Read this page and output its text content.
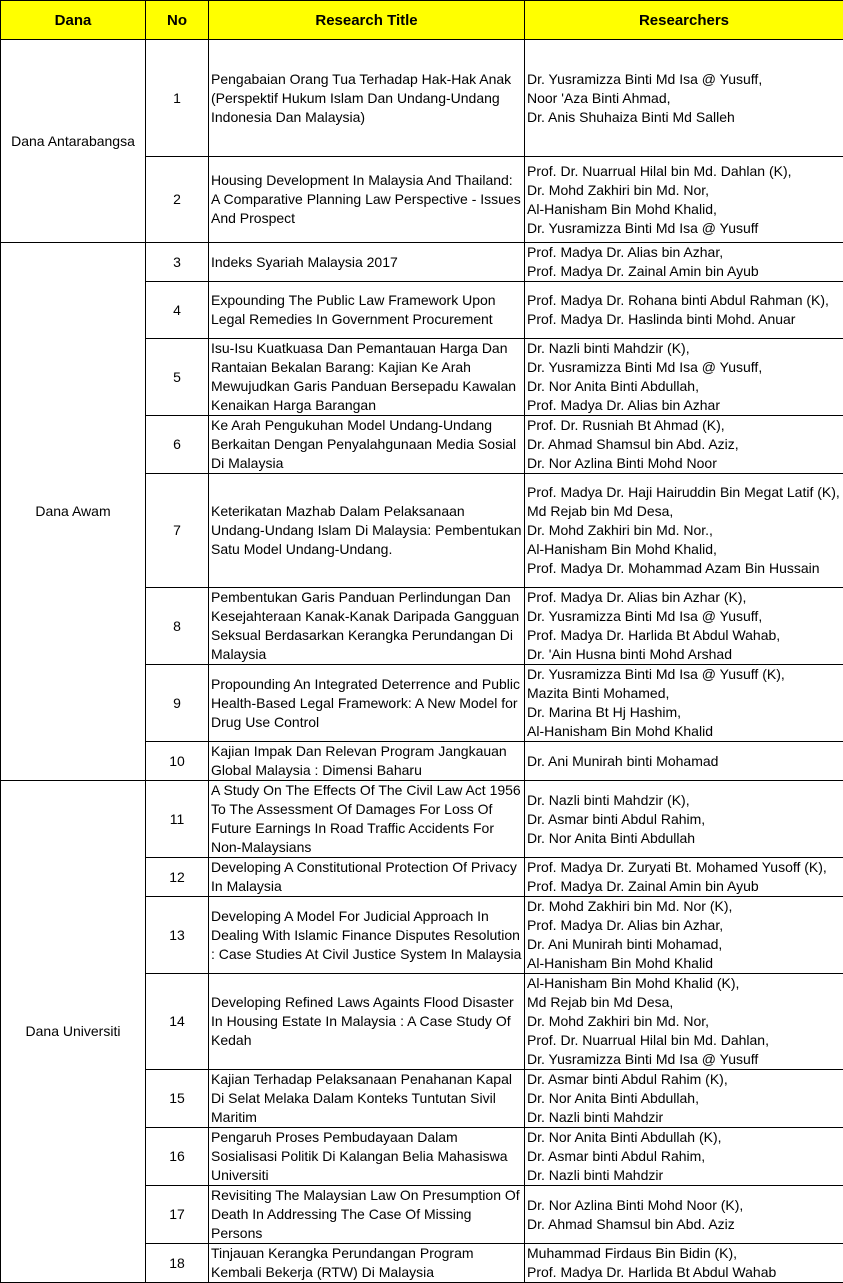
Dana	No	Research Title	Researchers
Dana Antarabangsa	1	Pengabaian Orang Tua Terhadap Hak-Hak Anak (Perspektif Hukum Islam Dan Undang-Undang Indonesia Dan Malaysia)	Dr. Yusramizza Binti Md Isa @ Yusuff,
Noor 'Aza Binti Ahmad,
Dr. Anis Shuhaiza Binti Md Salleh
	2	Housing Development In Malaysia And Thailand: A Comparative Planning Law Perspective - Issues And Prospect	Prof. Dr. Nuarrual Hilal bin Md. Dahlan (K),
Dr. Mohd Zakhiri bin Md. Nor,
Al-Hanisham Bin Mohd Khalid,
Dr. Yusramizza Binti Md Isa @ Yusuff
Dana Awam	3	Indeks Syariah Malaysia 2017	Prof. Madya Dr. Alias bin Azhar,
Prof. Madya Dr. Zainal Amin bin Ayub
	4	Expounding The Public Law Framework Upon Legal Remedies In Government Procurement	Prof. Madya Dr. Rohana binti Abdul Rahman (K), Prof. Madya Dr. Haslinda binti Mohd. Anuar
	5	Isu-Isu Kuatkuasa Dan Pemantauan Harga Dan Rantaian Bekalan Barang: Kajian Ke Arah Mewujudkan Garis Panduan Bersepadu Kawalan Kenaikan Harga Barangan	Dr. Nazli binti Mahdzir (K),
Dr. Yusramizza Binti Md Isa @ Yusuff,
Dr. Nor Anita Binti Abdullah,
Prof. Madya Dr. Alias bin Azhar
	6	Ke Arah Pengukuhan Model Undang-Undang Berkaitan Dengan Penyalahgunaan Media Sosial Di Malaysia	Prof. Dr. Rusniah Bt Ahmad (K),
Dr. Ahmad Shamsul bin Abd. Aziz,
Dr. Nor Azlina Binti Mohd Noor
	7	Keterikatan Mazhab Dalam Pelaksanaan Undang-Undang Islam Di Malaysia: Pembentukan Satu Model Undang-Undang.	Prof. Madya Dr. Haji Hairuddin Bin Megat Latif (K), Md Rejab bin Md Desa,
Dr. Mohd Zakhiri bin Md. Nor.,
Al-Hanisham Bin Mohd Khalid,
Prof. Madya Dr. Mohammad Azam Bin Hussain
	8	Pembentukan Garis Panduan Perlindungan Dan Kesejahteraan Kanak-Kanak Daripada Gangguan Seksual Berdasarkan Kerangka Perundangan Di Malaysia	Prof. Madya Dr. Alias bin Azhar (K),
Dr. Yusramizza Binti Md Isa @ Yusuff,
Prof. Madya Dr. Harlida Bt Abdul Wahab,
Dr. 'Ain Husna binti Mohd Arshad
	9	Propounding An Integrated Deterrence and Public Health-Based Legal Framework: A New Model for Drug Use Control	Dr. Yusramizza Binti Md Isa @ Yusuff (K),
Mazita Binti Mohamed,
Dr. Marina Bt Hj Hashim,
Al-Hanisham Bin Mohd Khalid
	10	Kajian Impak Dan Relevan Program Jangkauan Global Malaysia : Dimensi Baharu	Dr. Ani Munirah binti Mohamad
Dana Universiti	11	A Study On The Effects Of The Civil Law Act 1956 To The Assessment Of Damages For Loss Of Future Earnings In Road Traffic Accidents For Non-Malaysians	Dr. Nazli binti Mahdzir (K),
Dr. Asmar binti Abdul Rahim,
Dr. Nor Anita Binti Abdullah
	12	Developing A Constitutional Protection Of Privacy In Malaysia	Prof. Madya Dr. Zuryati Bt. Mohamed Yusoff (K),
Prof. Madya Dr. Zainal Amin bin Ayub
	13	Developing A Model For Judicial Approach In Dealing With Islamic Finance Disputes Resolution : Case Studies At Civil Justice System In Malaysia	Dr. Mohd Zakhiri bin Md. Nor (K),
Prof. Madya Dr. Alias bin Azhar,
Dr. Ani Munirah binti Mohamad,
Al-Hanisham Bin Mohd Khalid
	14	Developing Refined Laws Againts Flood Disaster In Housing Estate In Malaysia : A Case Study Of Kedah	Al-Hanisham Bin Mohd Khalid (K),
Md Rejab bin Md Desa,
Dr. Mohd Zakhiri bin Md. Nor,
Prof. Dr. Nuarrual Hilal bin Md. Dahlan,
Dr. Yusramizza Binti Md Isa @ Yusuff
	15	Kajian Terhadap Pelaksanaan Penahanan Kapal Di Selat Melaka Dalam Konteks Tuntutan Sivil Maritim	Dr. Asmar binti Abdul Rahim (K),
Dr. Nor Anita Binti Abdullah,
Dr. Nazli binti Mahdzir
	16	Pengaruh Proses Pembudayaan Dalam Sosialisasi Politik Di Kalangan Belia Mahasiswa Universiti	Dr. Nor Anita Binti Abdullah (K),
Dr. Asmar binti Abdul Rahim,
Dr. Nazli binti Mahdzir
	17	Revisiting The Malaysian Law On Presumption Of Death In Addressing The Case Of Missing Persons	Dr. Nor Azlina Binti Mohd Noor (K),
Dr. Ahmad Shamsul bin Abd. Aziz
	18	Tinjauan Kerangka Perundangan Program Kembali Bekerja (RTW) Di Malaysia	Muhammad Firdaus Bin Bidin (K),
Prof. Madya Dr. Harlida Bt Abdul Wahab
